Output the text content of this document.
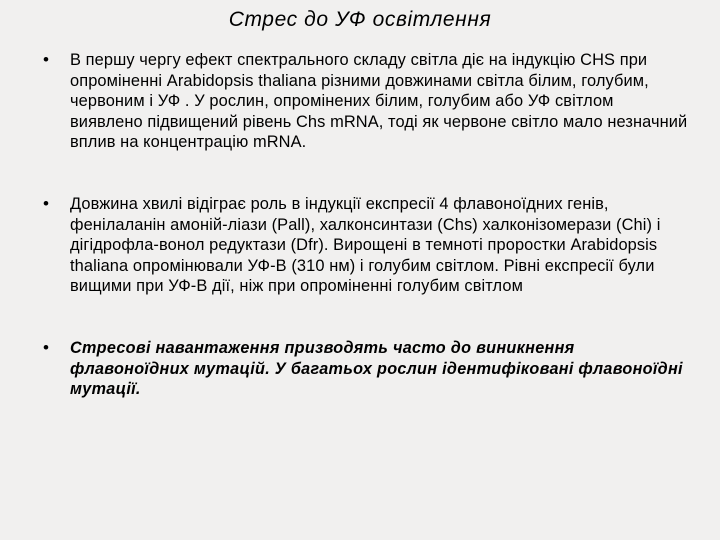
Стрес до УФ освітлення
• В першу чергу ефект спектрального складу світла діє на індукцію CHS при опроміненні Arabidopsis thaliana різними довжинами світла білим, голубим, червоним і УФ . У рослин, опромінених білим, голубим або УФ світлом виявлено підвищений рівень Chs mRNA, тоді як червоне світло мало незначний вплив на концентрацію mRNA.

• Довжина хвилі відіграє роль в індукції експресії 4 флавоноїдних генів, фенілаланін амоній-ліази (Pall), халконсинтази (Chs) халконізомерази (Chi) і дігідрофла-вонол редуктази (Dfr). Вирощені в темноті проростки Arabidopsis thaliana опромінювали УФ-В (310 нм) і голубим світлом. Рівні експресії були вищими при УФ-В дії, ніж при опроміненні голубим світлом

• Стресові навантаження призводять часто до виникнення флавоноїдних мутацій. У багатьох рослин ідентифіковані флавоноїдні мутації.
